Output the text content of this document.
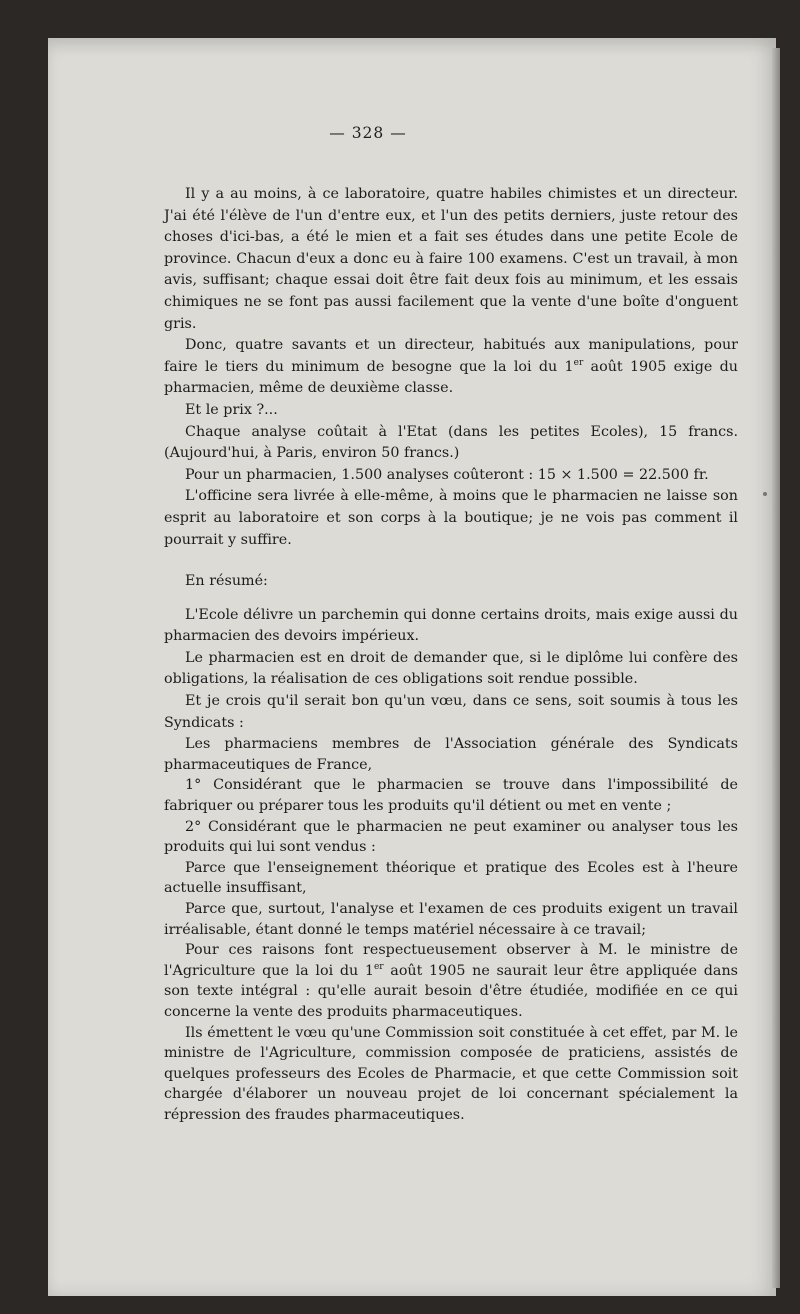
— 328 —

Il y a au moins, à ce laboratoire, quatre habiles chimistes et un directeur. J'ai été l'élève de l'un d'entre eux, et l'un des petits derniers, juste retour des choses d'ici-bas, a été le mien et a fait ses études dans une petite Ecole de province. Chacun d'eux a donc eu à faire 100 examens. C'est un travail, à mon avis, suffisant; chaque essai doit être fait deux fois au minimum, et les essais chimiques ne se font pas aussi facilement que la vente d'une boîte d'onguent gris.

Donc, quatre savants et un directeur, habitués aux manipulations, pour faire le tiers du minimum de besogne que la loi du 1er août 1905 exige du pharmacien, même de deuxième classe.

Et le prix ?...

Chaque analyse coûtait à l'Etat (dans les petites Ecoles), 15 francs. (Aujourd'hui, à Paris, environ 50 francs.)

Pour un pharmacien, 1.500 analyses coûteront : 15 × 1.500 = 22.500 fr.

L'officine sera livrée à elle-même, à moins que le pharmacien ne laisse son esprit au laboratoire et son corps à la boutique; je ne vois pas comment il pourrait y suffire.

En résumé:

L'Ecole délivre un parchemin qui donne certains droits, mais exige aussi du pharmacien des devoirs impérieux.

Le pharmacien est en droit de demander que, si le diplôme lui confère des obligations, la réalisation de ces obligations soit rendue possible.

Et je crois qu'il serait bon qu'un vœu, dans ce sens, soit soumis à tous les Syndicats :

Les pharmaciens membres de l'Association générale des Syndicats pharmaceutiques de France,

1° Considérant que le pharmacien se trouve dans l'impossibilité de fabriquer ou préparer tous les produits qu'il détient ou met en vente ;

2° Considérant que le pharmacien ne peut examiner ou analyser tous les produits qui lui sont vendus :

Parce que l'enseignement théorique et pratique des Ecoles est à l'heure actuelle insuffisant,

Parce que, surtout, l'analyse et l'examen de ces produits exigent un travail irréalisable, étant donné le temps matériel nécessaire à ce travail;

Pour ces raisons font respectueusement observer à M. le ministre de l'Agriculture que la loi du 1er août 1905 ne saurait leur être appliquée dans son texte intégral : qu'elle aurait besoin d'être étudiée, modifiée en ce qui concerne la vente des produits pharmaceutiques.

Ils émettent le vœu qu'une Commission soit constituée à cet effet, par M. le ministre de l'Agriculture, commission composée de praticiens, assistés de quelques professeurs des Ecoles de Pharmacie, et que cette Commission soit chargée d'élaborer un nouveau projet de loi concernant spécialement la répression des fraudes pharmaceutiques.
